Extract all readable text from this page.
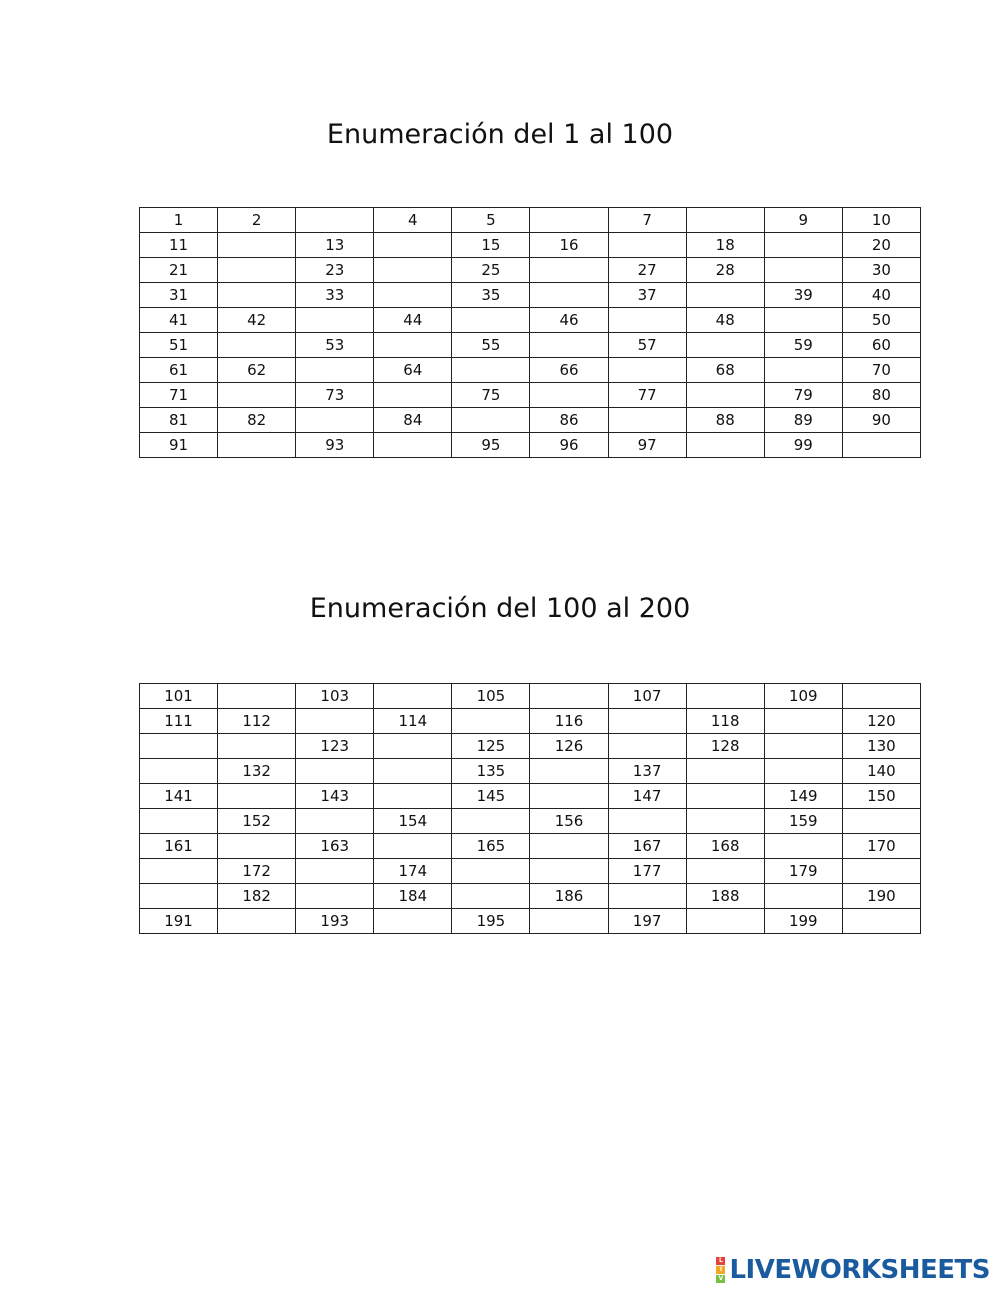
Enumeración del 1 al 100
1	2		4	5		7		9	10
11		13		15	16		18		20
21		23		25		27	28		30
31		33		35		37		39	40
41	42		44		46		48		50
51		53		55		57		59	60
61	62		64		66		68		70
71		73		75		77		79	80
81	82		84		86		88	89	90
91		93		95	96	97		99	
Enumeración del 100 al 200
101		103		105		107		109	
111	112		114		116		118		120
		123		125	126		128		130
	132			135		137			140
141		143		145		147		149	150
	152		154		156			159	
161		163		165		167	168		170
	172		174			177		179	
	182		184		186		188		190
191		193		195		197		199	
L
I
V LIVEWORKSHEETS
